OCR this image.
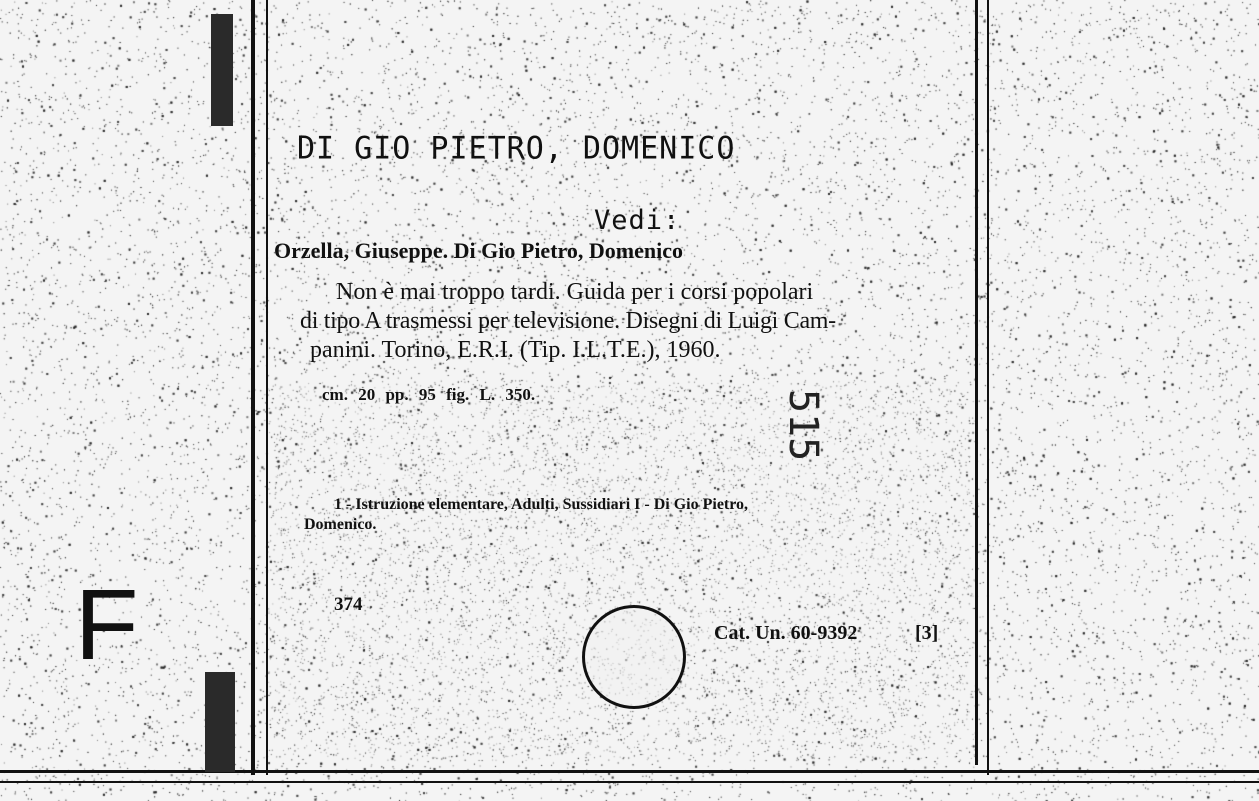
DI GIO PIETRO, DOMENICO
Vedi:
Orzella, Giuseppe. Di Gio Pietro, Domenico
Non è mai troppo tardi. Guida per i corsi popolari
di tipo A trasmessi per televisione. Disegni di Luigi Cam-
panini. Torino, E.R.I. (Tip. I.L.T.E.), 1960.
cm. 20 pp. 95 fig. L. 350.	515
1 - Istruzione elementare, Adulti, Sussidiari I - Di Gio Pietro,
Domenico.
374
Cat. Un. 60-9392	[3]
F
